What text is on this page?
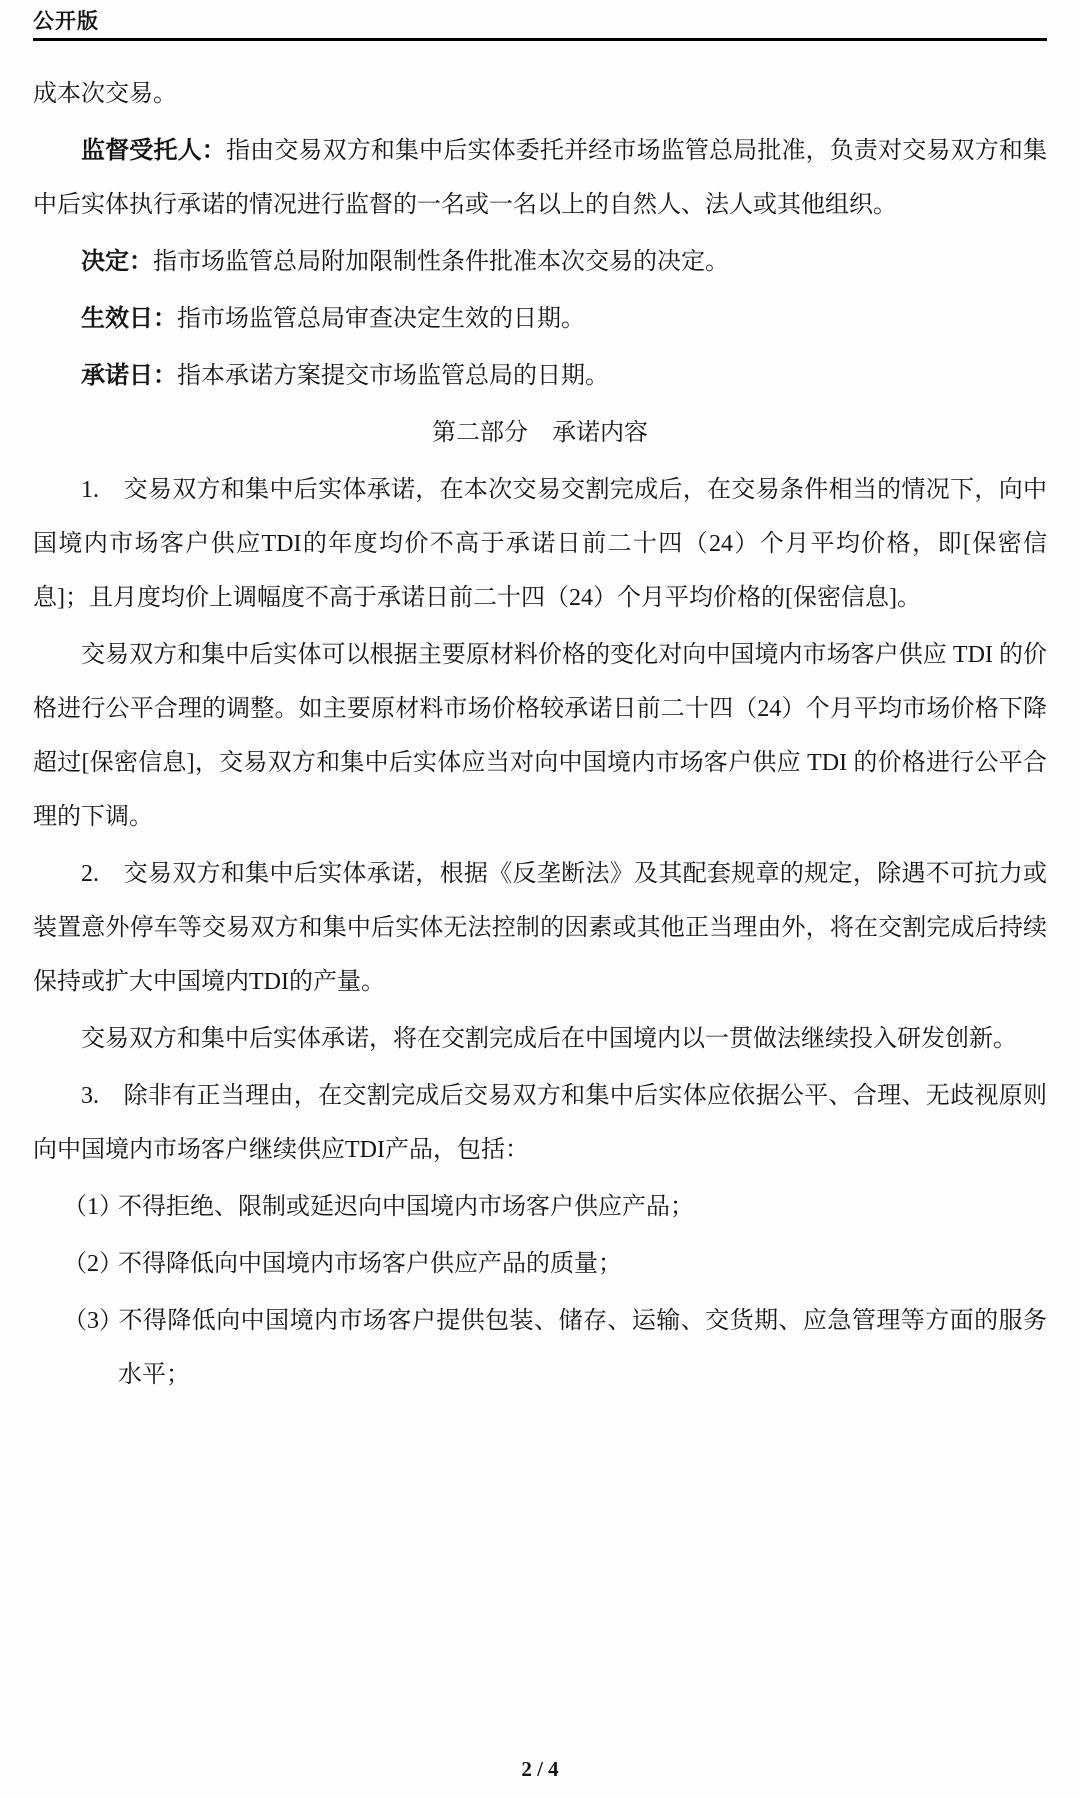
公开版

成本次交易。

监督受托人：指由交易双方和集中后实体委托并经市场监管总局批准，负责对交易双方和集中后实体执行承诺的情况进行监督的一名或一名以上的自然人、法人或其他组织。

决定：指市场监管总局附加限制性条件批准本次交易的决定。

生效日：指市场监管总局审查决定生效的日期。

承诺日：指本承诺方案提交市场监管总局的日期。

第二部分　承诺内容

1.　交易双方和集中后实体承诺，在本次交易交割完成后，在交易条件相当的情况下，向中国境内市场客户供应TDI的年度均价不高于承诺日前二十四（24）个月平均价格，即[保密信息]；且月度均价上调幅度不高于承诺日前二十四（24）个月平均价格的[保密信息]。

交易双方和集中后实体可以根据主要原材料价格的变化对向中国境内市场客户供应 TDI 的价格进行公平合理的调整。如主要原材料市场价格较承诺日前二十四（24）个月平均市场价格下降超过[保密信息]，交易双方和集中后实体应当对向中国境内市场客户供应 TDI 的价格进行公平合理的下调。

2.　交易双方和集中后实体承诺，根据《反垄断法》及其配套规章的规定，除遇不可抗力或装置意外停车等交易双方和集中后实体无法控制的因素或其他正当理由外，将在交割完成后持续保持或扩大中国境内TDI的产量。

交易双方和集中后实体承诺，将在交割完成后在中国境内以一贯做法继续投入研发创新。

3.　除非有正当理由，在交割完成后交易双方和集中后实体应依据公平、合理、无歧视原则向中国境内市场客户继续供应TDI产品，包括：

（1）不得拒绝、限制或延迟向中国境内市场客户供应产品；
（2）不得降低向中国境内市场客户供应产品的质量；
（3）不得降低向中国境内市场客户提供包装、储存、运输、交货期、应急管理等方面的服务水平；
2 / 4
